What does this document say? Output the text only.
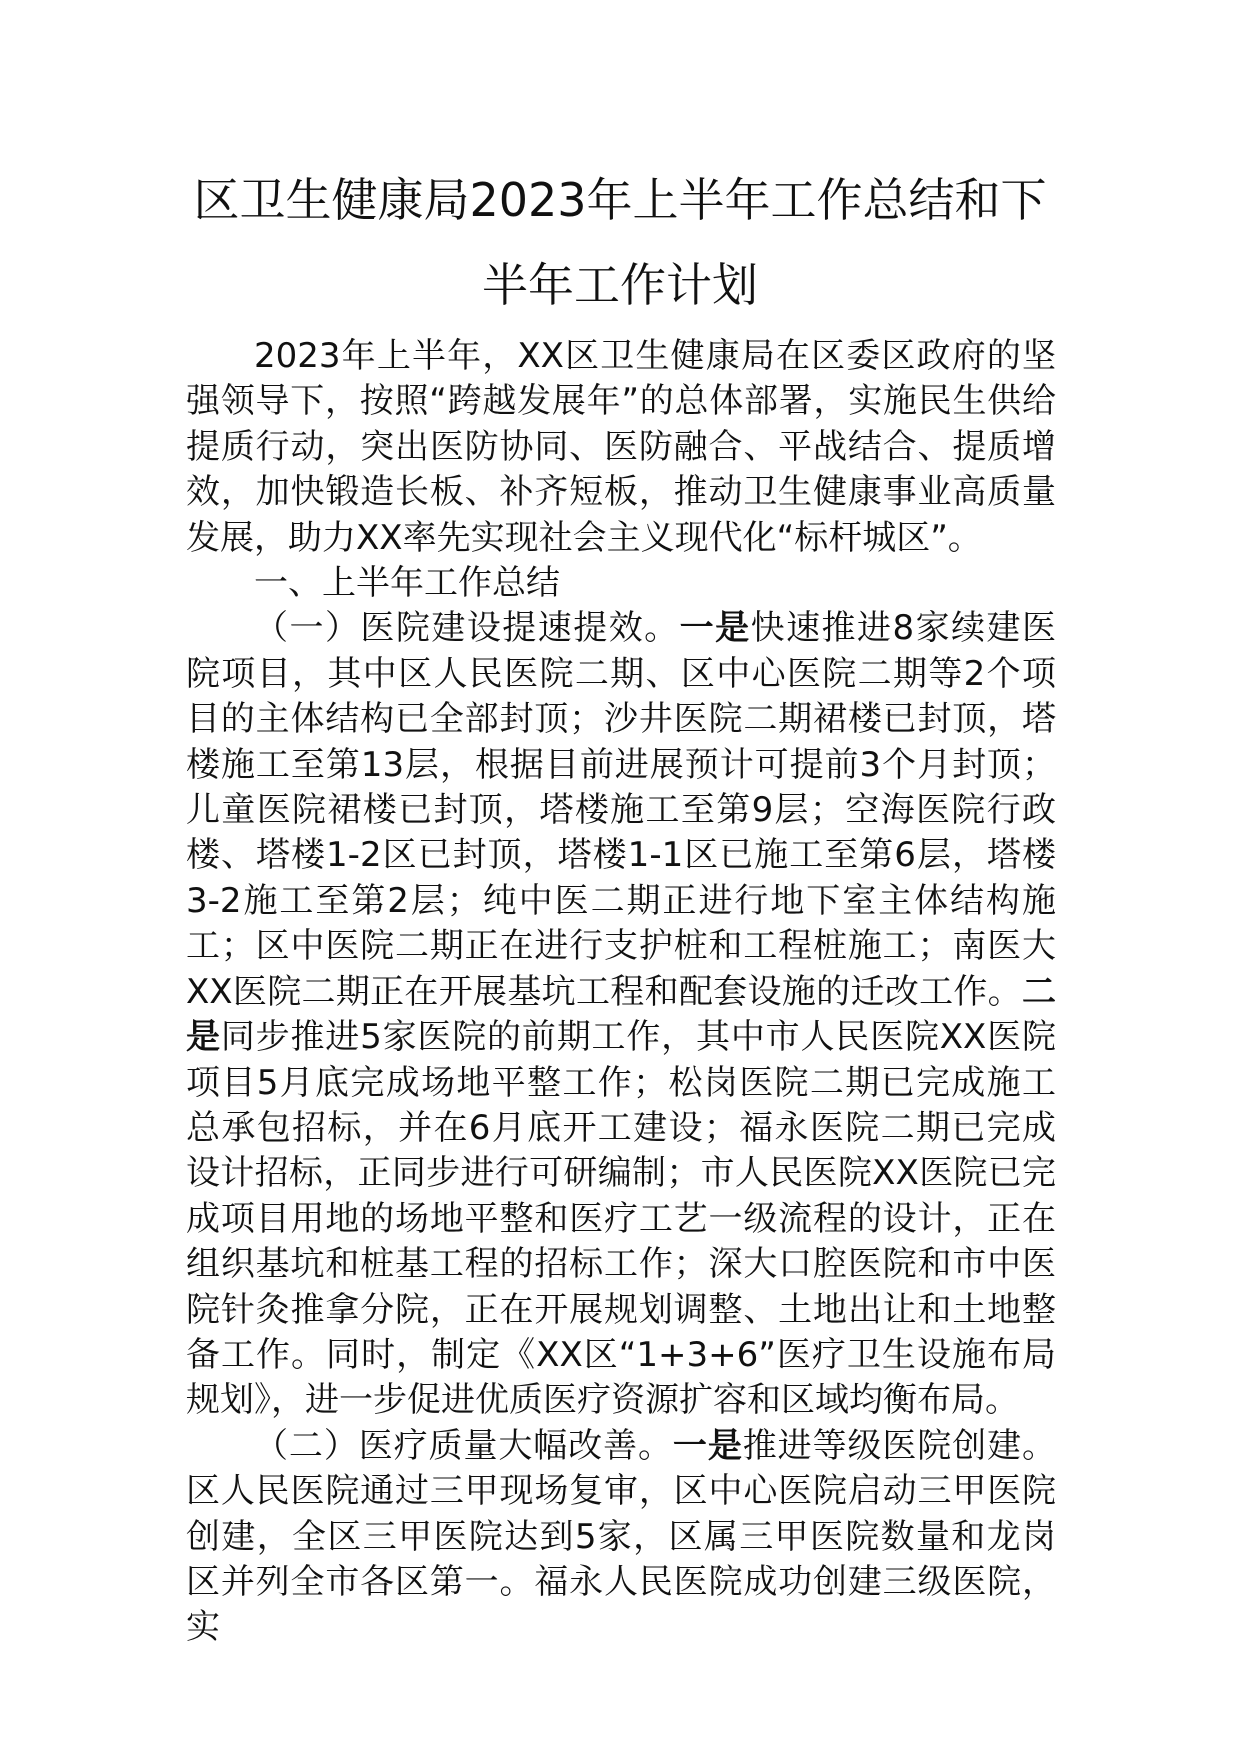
区卫生健康局2023年上半年工作总结和下
半年工作计划

2023年上半年，XX区卫生健康局在区委区政府的坚强领导下，按照“跨越发展年”的总体部署，实施民生供给提质行动，突出医防协同、医防融合、平战结合、提质增效，加快锻造长板、补齐短板，推动卫生健康事业高质量发展，助力XX率先实现社会主义现代化“标杆城区”。

一、上半年工作总结

（一）医院建设提速提效。一是快速推进8家续建医院项目，其中区人民医院二期、区中心医院二期等2个项目的主体结构已全部封顶；沙井医院二期裙楼已封顶，塔楼施工至第13层，根据目前进展预计可提前3个月封顶；儿童医院裙楼已封顶，塔楼施工至第9层；空海医院行政楼、塔楼1-2区已封顶，塔楼1-1区已施工至第6层，塔楼3-2施工至第2层；纯中医二期正进行地下室主体结构施工；区中医院二期正在进行支护桩和工程桩施工；南医大XX医院二期正在开展基坑工程和配套设施的迁改工作。二是同步推进5家医院的前期工作，其中市人民医院XX医院项目5月底完成场地平整工作；松岗医院二期已完成施工总承包招标，并在6月底开工建设；福永医院二期已完成设计招标，正同步进行可研编制；市人民医院XX医院已完成项目用地的场地平整和医疗工艺一级流程的设计，正在组织基坑和桩基工程的招标工作；深大口腔医院和市中医院针灸推拿分院，正在开展规划调整、土地出让和土地整备工作。同时，制定《XX区“1+3+6”医疗卫生设施布局规划》，进一步促进优质医疗资源扩容和区域均衡布局。

（二）医疗质量大幅改善。一是推进等级医院创建。区人民医院通过三甲现场复审，区中心医院启动三甲医院创建，全区三甲医院达到5家，区属三甲医院数量和龙岗区并列全市各区第一。福永人民医院成功创建三级医院，实
